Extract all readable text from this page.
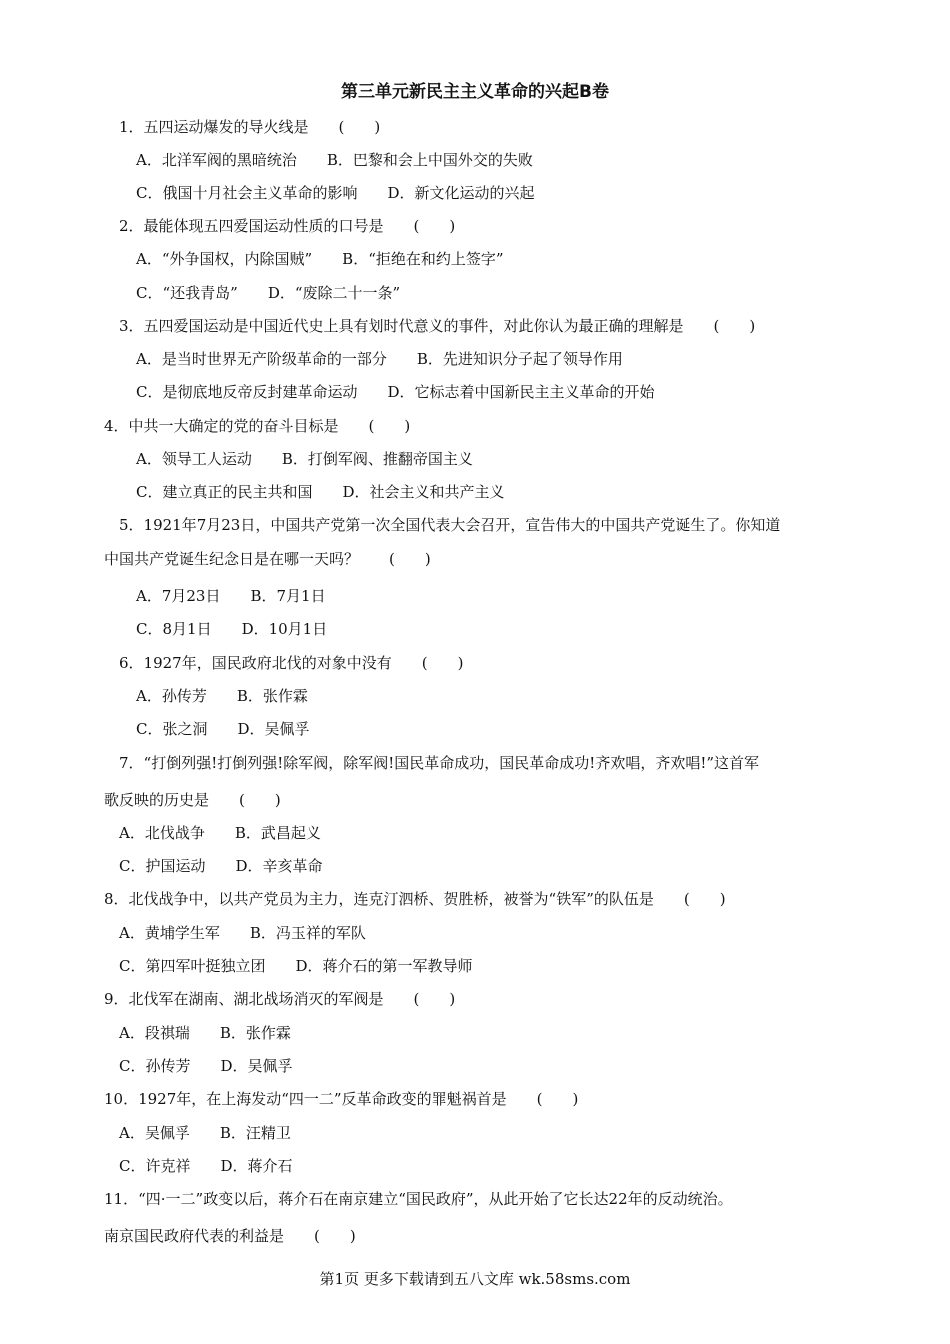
第三单元新民主主义革命的兴起B卷
1．五四运动爆发的导火线是　　(　　)
A．北洋军阀的黑暗统治　　B．巴黎和会上中国外交的失败
C．俄国十月社会主义革命的影响　　D．新文化运动的兴起
2．最能体现五四爱国运动性质的口号是　　(　　)
A．“外争国权，内除国贼”　　B．“拒绝在和约上签字”
C．“还我青岛”　　D．“废除二十一条”
3．五四爱国运动是中国近代史上具有划时代意义的事件，对此你认为最正确的理解是　　(　　)
A．是当时世界无产阶级革命的一部分　　B．先进知识分子起了领导作用
C．是彻底地反帝反封建革命运动　　D．它标志着中国新民主主义革命的开始
4．中共一大确定的党的奋斗目标是　　(　　)
A．领导工人运动　　B．打倒军阀、推翻帝国主义
C．建立真正的民主共和国　　D．社会主义和共产主义
5．1921年7月23日，中国共产党第一次全国代表大会召开，宣告伟大的中国共产党诞生了。你知道
中国共产党诞生纪念日是在哪一天吗？　　(　　)
A．7月23日　　B．7月1日
C．8月1日　　D．10月1日
6．1927年，国民政府北伐的对象中没有　　(　　)
A．孙传芳　　B．张作霖
C．张之洞　　D．吴佩孚
7．“打倒列强!打倒列强!除军阀，除军阀!国民革命成功，国民革命成功!齐欢唱，齐欢唱!”这首军
歌反映的历史是　　(　　)
A．北伐战争　　B．武昌起义
C．护国运动　　D．辛亥革命
8．北伐战争中，以共产党员为主力，连克汀泗桥、贺胜桥，被誉为“铁军”的队伍是　　(　　)
A．黄埔学生军　　B．冯玉祥的军队
C．第四军叶挺独立团　　D．蒋介石的第一军教导师
9．北伐军在湖南、湖北战场消灭的军阀是　　(　　)
A．段祺瑞　　B．张作霖
C．孙传芳　　D．吴佩孚
10．1927年，在上海发动“四一二”反革命政变的罪魁祸首是　　(　　)
A．吴佩孚　　B．汪精卫
C．许克祥　　D．蒋介石
11．“四·一二”政变以后，蒋介石在南京建立“国民政府”，从此开始了它长达22年的反动统治。
南京国民政府代表的利益是　　(　　)
第1页 更多下载请到五八文库 wk.58sms.com
